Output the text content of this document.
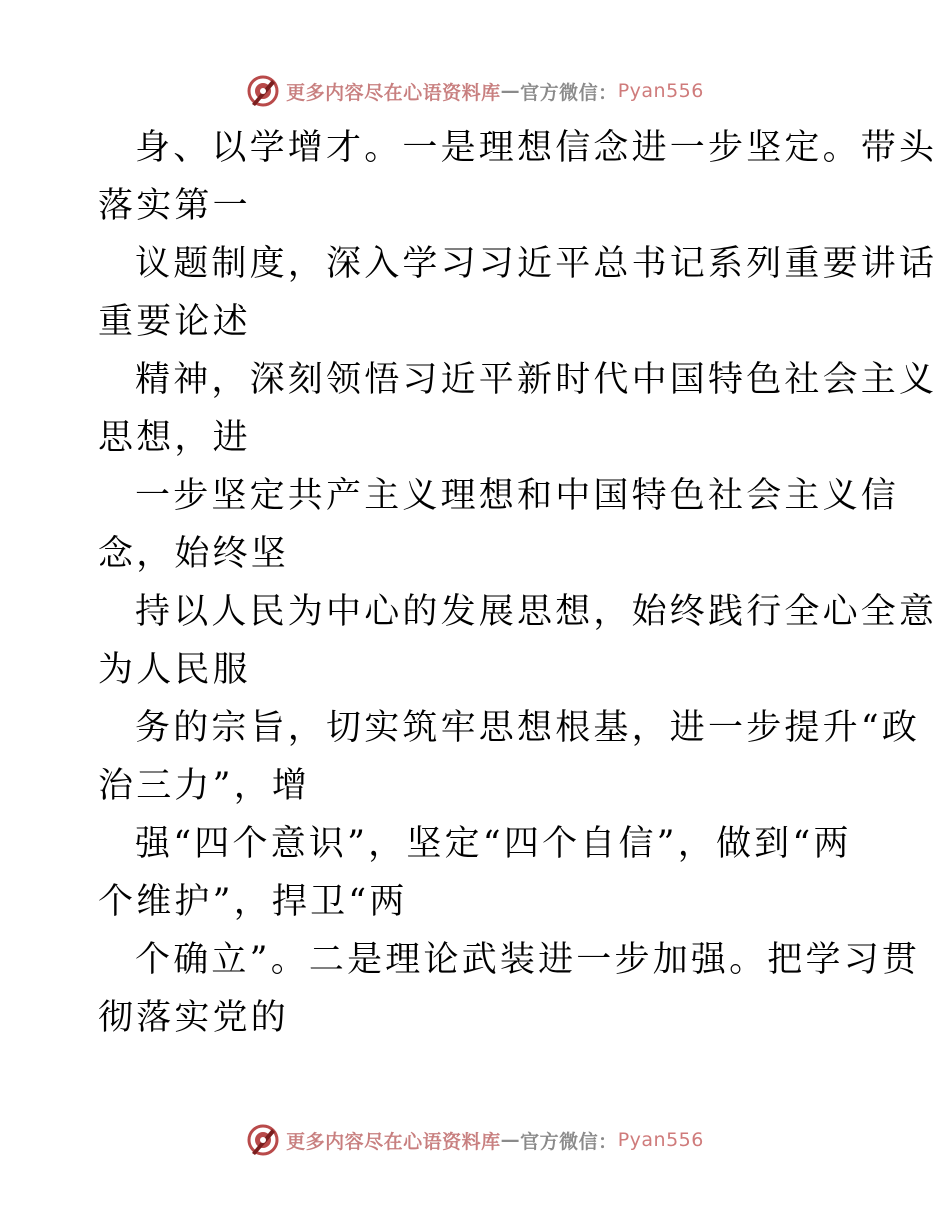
更多内容尽在心语资料库 — 官方微信： Pyan556
身、以学增才。一是理想信念进一步坚定。带头
落实第一
议题制度，深入学习习近平总书记系列重要讲话
重要论述
精神，深刻领悟习近平新时代中国特色社会主义
思想，进
一步坚定共产主义理想和中国特色社会主义信
念，始终坚
持以人民为中心的发展思想，始终践行全心全意
为人民服
务的宗旨，切实筑牢思想根基，进一步提升“政
治三力”，增
强“四个意识”，坚定“四个自信”，做到“两
个维护”，捍卫“两
个确立”。二是理论武装进一步加强。把学习贯
彻落实党的
更多内容尽在心语资料库 — 官方微信： Pyan556
